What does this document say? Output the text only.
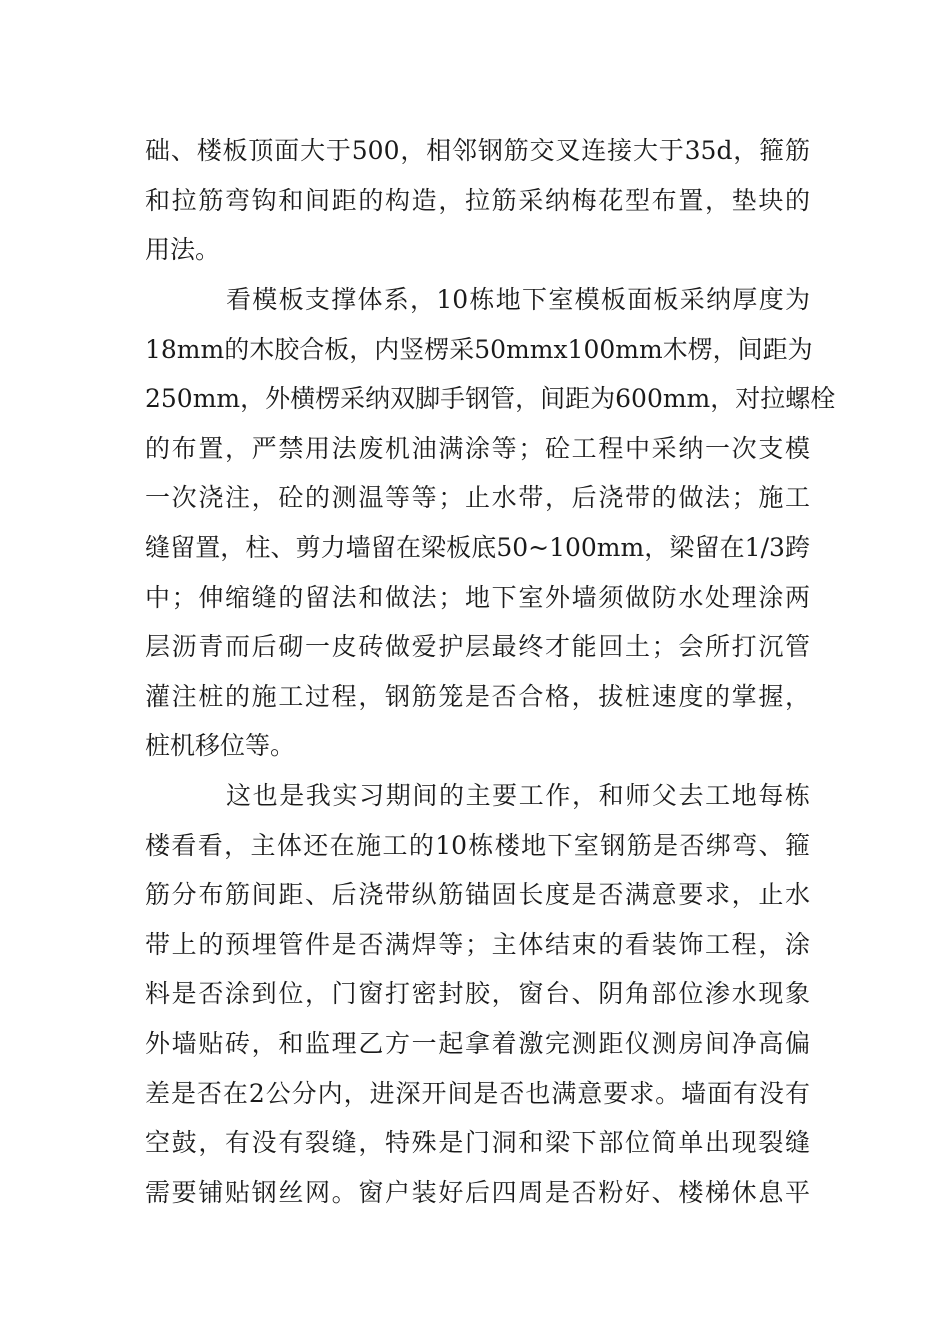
础、楼板顶面大于500，相邻钢筋交叉连接大于35d，箍筋
和拉筋弯钩和间距的构造，拉筋采纳梅花型布置，垫块的
用法。
看模板支撑体系，10栋地下室模板面板采纳厚度为
18mm的木胶合板，内竖楞采50mmx100mm木楞，间距为
250mm，外横楞采纳双脚手钢管，间距为600mm，对拉螺栓
的布置，严禁用法废机油满涂等；砼工程中采纳一次支模
一次浇注，砼的测温等等；止水带，后浇带的做法；施工
缝留置，柱、剪力墙留在梁板底50~100mm，梁留在1/3跨
中；伸缩缝的留法和做法；地下室外墙须做防水处理涂两
层沥青而后砌一皮砖做爱护层最终才能回土；会所打沉管
灌注桩的施工过程，钢筋笼是否合格，拔桩速度的掌握，
桩机移位等。
这也是我实习期间的主要工作，和师父去工地每栋
楼看看，主体还在施工的10栋楼地下室钢筋是否绑弯、箍
筋分布筋间距、后浇带纵筋锚固长度是否满意要求，止水
带上的预埋管件是否满焊等；主体结束的看装饰工程，涂
料是否涂到位，门窗打密封胶，窗台、阴角部位渗水现象
外墙贴砖，和监理乙方一起拿着激完测距仪测房间净高偏
差是否在2公分内，进深开间是否也满意要求。墙面有没有
空鼓，有没有裂缝，特殊是门洞和梁下部位简单出现裂缝
需要铺贴钢丝网。窗户装好后四周是否粉好、楼梯休息平
